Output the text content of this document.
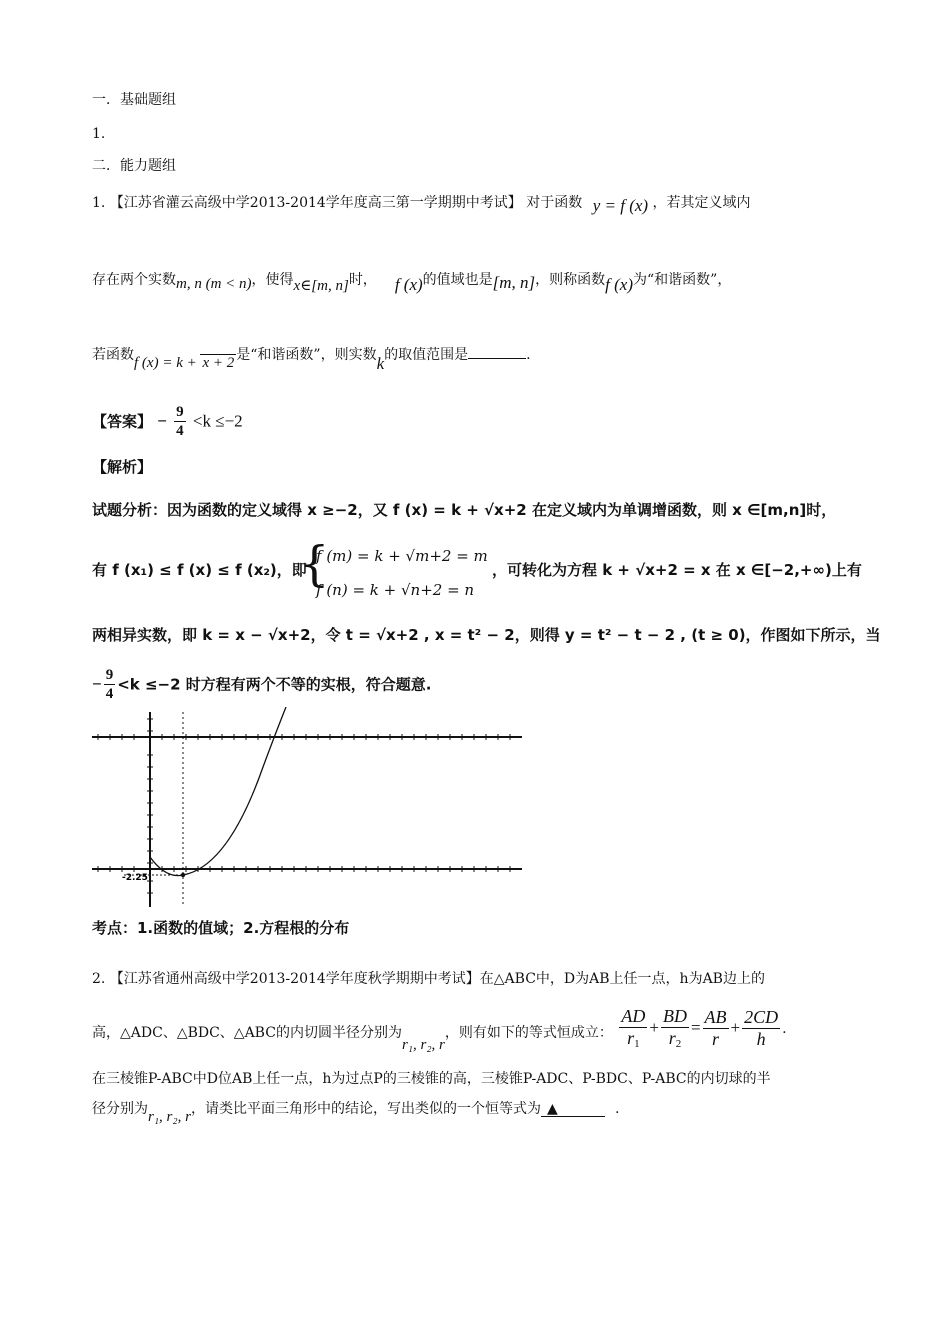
一．基础题组
1.
二．能力题组
1. 【江苏省灌云高级中学2013-2014学年度高三第一学期期中考试】 对于函数 y = f (x) ，若其定义域内
存在两个实数m, n (m < n)，使得x∈[m, n]时， f (x)的值域也是[m, n]，则称函数f (x)为“和谐函数”，
若函数f (x) = k + x + 2 是“和谐函数”，则实数k的取值范围是	.
【答案】 − $\frac{9}{4} <k \le-2$
【解析】
试题分析：因为函数的定义域得 x ≥−2，又 f (x) = k + √x+2 在定义域内为单调增函数，则 x ∈[m,n]时，
有 f (x₁) ≤ f (x) ≤ f (x₂)，即
{
f (m) = k + √m+2 = m
f (n) = k + √n+2 = n
，可转化为方程 k + √x+2 = x 在 x ∈[−2,+∞)上有
两相异实数，即 k = x − √x+2，令 t = √x+2 , x = t² − 2，则得 y = t² − t − 2 , (t ≥ 0)，作图如下所示，当
− $\frac{9}{4} <k \le-2$ 时方程有两个不等的实根，符合题意.
-2.25
考点：1.函数的值域；2.方程根的分布
2. 【江苏省通州高级中学2013-2014学年度秋学期期中考试】在△ABC中，D为AB上任一点，h为AB边上的
高，△ADC、△BDC、△ABC的内切圆半径分别为r₁, r₂, r，则有如下的等式恒成立： $\frac{AD}{r_1} + \frac{BD}{r_2} = \frac{AB}{r} + \frac{2CD}{h}$ .
在三棱锥P-ABC中D位AB上任一点，h为过点P的三棱锥的高，三棱锥P-ADC、P-BDC、P-ABC的内切球的半
径分别为r₁, r₂, r，请类比平面三角形中的结论，写出类似的一个恒等式为 ▲	.
